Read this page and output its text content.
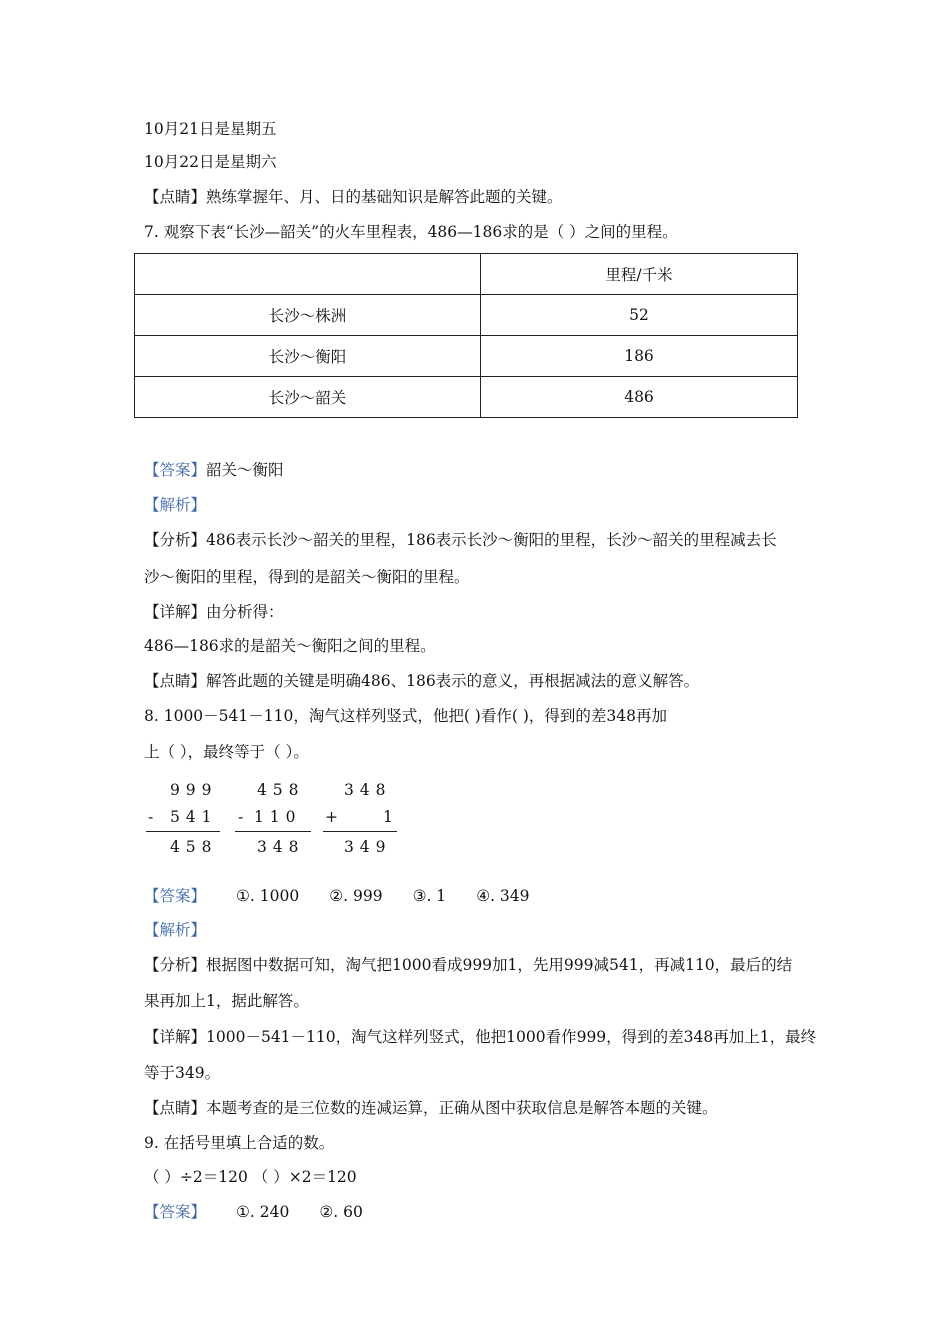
10月21日是星期五
10月22日是星期六
【点睛】熟练掌握年、月、日的基础知识是解答此题的关键。
7. 观察下表“长沙—韶关”的火车里程表，486—186求的是（ ）之间的里程。
	里程/千米
长沙～株洲	52
长沙～衡阳	186
长沙～韶关	486
【答案】韶关～衡阳
【解析】
【分析】486表示长沙～韶关的里程，186表示长沙～衡阳的里程，长沙～韶关的里程减去长
沙～衡阳的里程，得到的是韶关～衡阳的里程。
【详解】由分析得：
486—186求的是韶关～衡阳之间的里程。
【点睛】解答此题的关键是明确486、186表示的意义，再根据减法的意义解答。
8. 1000－541－110，淘气这样列竖式，他把( )看作( )，得到的差348再加
上（ ），最终等于（ ）。
9 9 9
- 5 4 1
4 5 8
4 5 8
- 1 1 0
3 4 8
3 4 8
+	1
3 4 9
【答案】 ①. 1000 ②. 999 ③. 1 ④. 349
【解析】
【分析】根据图中数据可知，淘气把1000看成999加1，先用999减541，再减110，最后的结
果再加上1，据此解答。
【详解】1000－541－110，淘气这样列竖式，他把1000看作999，得到的差348再加上1，最终
等于349。
【点睛】本题考查的是三位数的连减运算，正确从图中获取信息是解答本题的关键。
9. 在括号里填上合适的数。
（ ）÷2＝120 （ ）×2＝120
【答案】 ①. 240 ②. 60
